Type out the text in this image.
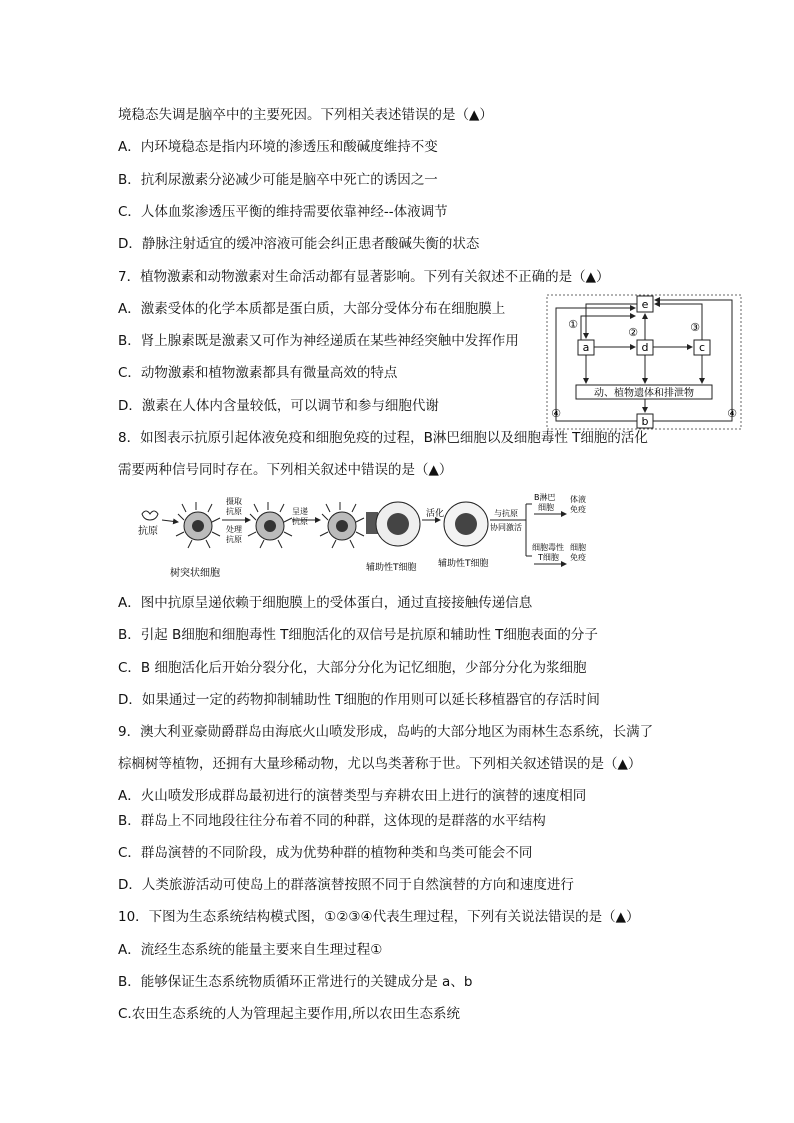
境稳态失调是脑卒中的主要死因。下列相关表述错误的是（▲）
A．内环境稳态是指内环境的渗透压和酸碱度维持不变
B．抗利尿激素分泌减少可能是脑卒中死亡的诱因之一
C．人体血浆渗透压平衡的维持需要依靠神经--体液调节
D．静脉注射适宜的缓冲溶液可能会纠正患者酸碱失衡的状态
7．植物激素和动物激素对生命活动都有显著影响。下列有关叙述不正确的是（▲）
A．激素受体的化学本质都是蛋白质，大部分受体分布在细胞膜上
B．肾上腺素既是激素又可作为神经递质在某些神经突触中发挥作用
C．动物激素和植物激素都具有微量高效的特点
D．激素在人体内含量较低，可以调节和参与细胞代谢
8．如图表示抗原引起体液免疫和细胞免疫的过程，B淋巴细胞以及细胞毒性 T细胞的活化
需要两种信号同时存在。下列相关叙述中错误的是（▲）
A．图中抗原呈递依赖于细胞膜上的受体蛋白，通过直接接触传递信息
B．引起 B细胞和细胞毒性 T细胞活化的双信号是抗原和辅助性 T细胞表面的分子
C．B 细胞活化后开始分裂分化，大部分分化为记忆细胞，少部分分化为浆细胞
D．如果通过一定的药物抑制辅助性 T细胞的作用则可以延长移植器官的存活时间
9．澳大利亚豪勋爵群岛由海底火山喷发形成，岛屿的大部分地区为雨林生态系统，长满了
棕榈树等植物，还拥有大量珍稀动物，尤以鸟类著称于世。下列相关叙述错误的是（▲）
A．火山喷发形成群岛最初进行的演替类型与弃耕农田上进行的演替的速度相同
B．群岛上不同地段往往分布着不同的种群，这体现的是群落的水平结构
C．群岛演替的不同阶段，成为优势种群的植物种类和鸟类可能会不同
D．人类旅游活动可使岛上的群落演替按照不同于自然演替的方向和速度进行
10．下图为生态系统结构模式图，①②③④代表生理过程，下列有关说法错误的是（▲）
A．流经生态系统的能量主要来自生理过程①
B．能够保证生态系统物质循环正常进行的关键成分是 a、b
C.农田生态系统的人为管理起主要作用,所以农田生态系统
e
a	d	c
动、植物遗体和排泄物
b
①
②	③
④	④
抗原
树突状细胞
摄取
抗原
处理
抗原
呈递
抗原
辅助性T细胞
活化
辅助性T细胞
与抗原
协同激活
B淋巴
细胞
体液
免疫
细胞毒性
T细胞
细胞
免疫
